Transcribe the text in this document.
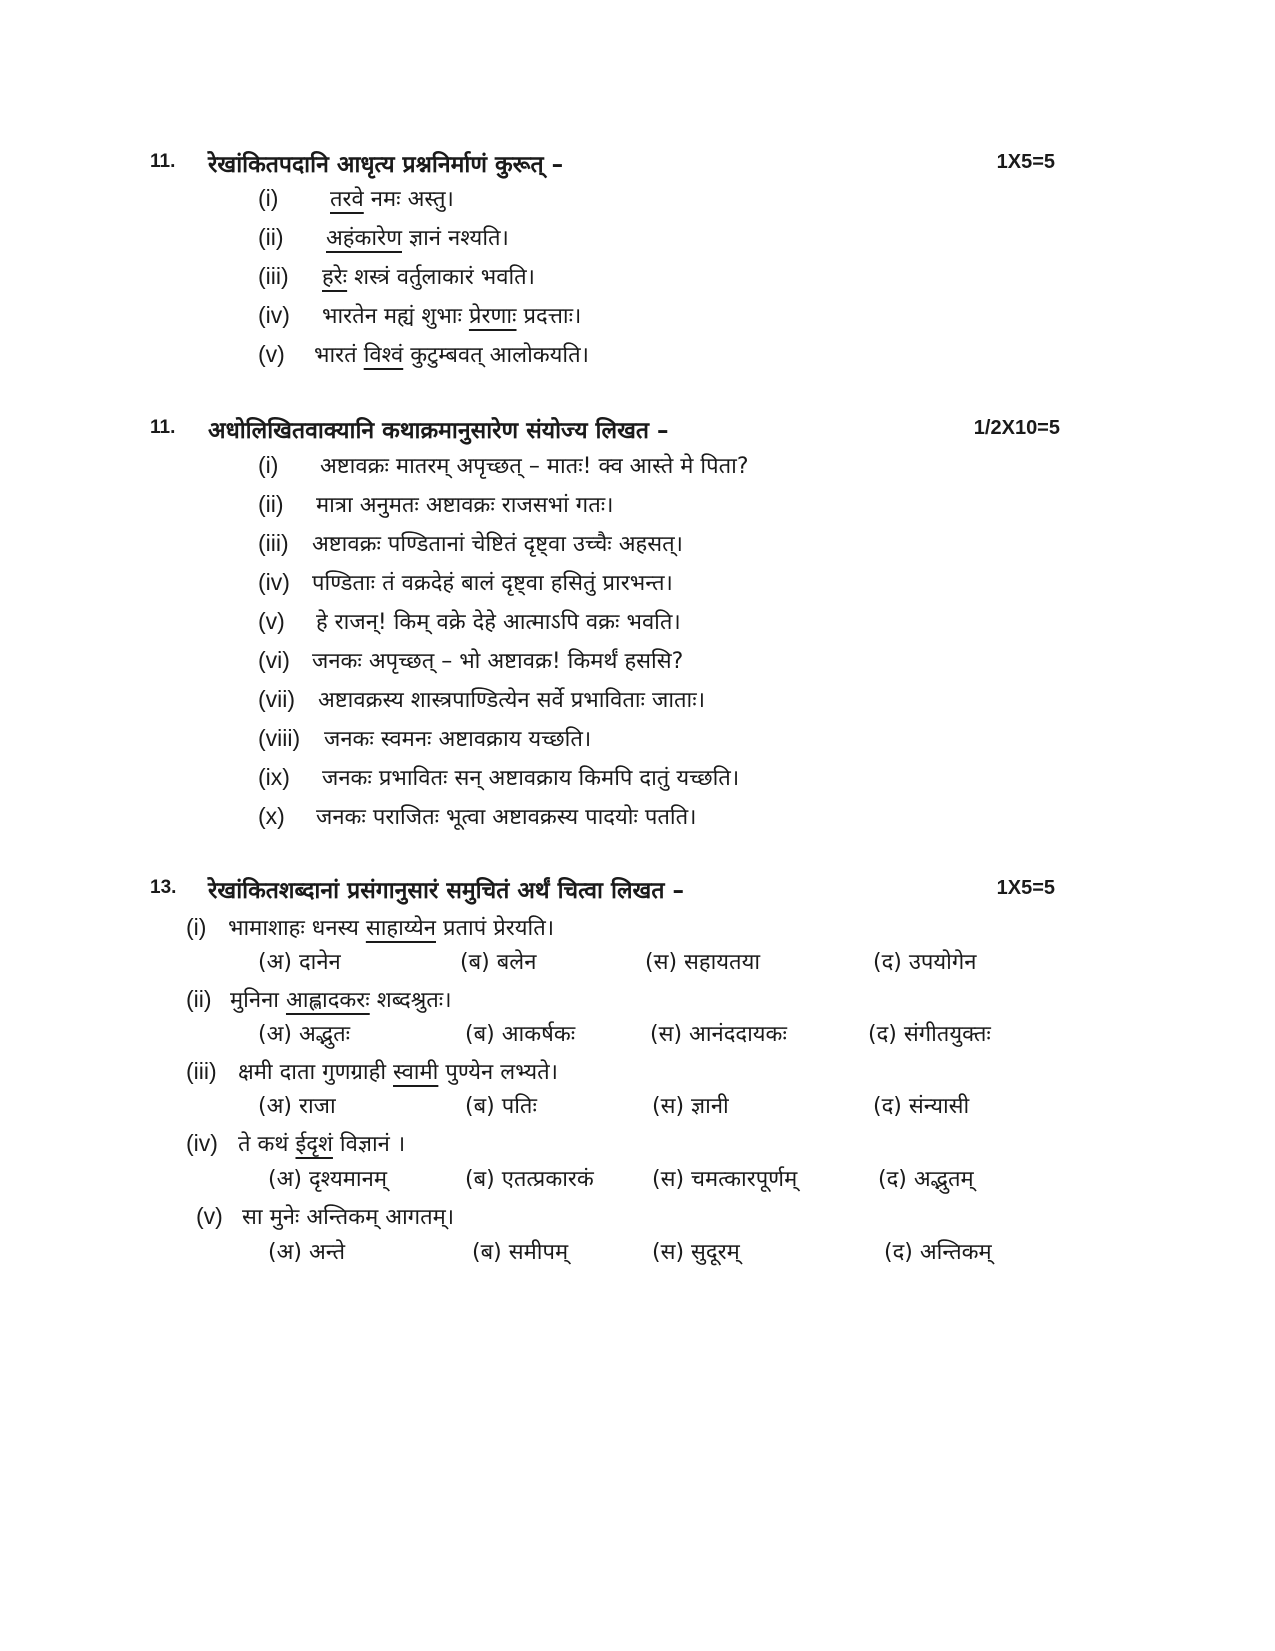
11. रेखांकितपदानि आधृत्य प्रश्ननिर्माणं कुरूत् –	1X5=5
(i) तरवे नमः अस्तु।
(ii) अहंकारेण ज्ञानं नश्यति।
(iii) हरेः शस्त्रं वर्तुलाकारं भवति।
(iv) भारतेन मह्यं शुभाः प्रेरणाः प्रदत्ताः।
(v) भारतं विश्वं कुटुम्बवत् आलोकयति।
11. अधोलिखितवाक्यानि कथाक्रमानुसारेण संयोज्य लिखत –	1/2X10=5
(i) अष्टावक्रः मातरम् अपृच्छत् – मातः! क्व आस्ते मे पिता?
(ii) मात्रा अनुमतः अष्टावक्रः राजसभां गतः।
(iii) अष्टावक्रः पण्डितानां चेष्टितं दृष्ट्वा उच्चैः अहसत्।
(iv) पण्डिताः तं वक्रदेहं बालं दृष्ट्वा हसितुं प्रारभन्त।
(v) हे राजन्! किम् वक्रे देहे आत्माऽपि वक्रः भवति।
(vi) जनकः अपृच्छत् – भो अष्टावक्र! किमर्थं हससि?
(vii) अष्टावक्रस्य शास्त्रपाण्डित्येन सर्वे प्रभाविताः जाताः।
(viii) जनकः स्वमनः अष्टावक्राय यच्छति।
(ix) जनकः प्रभावितः सन् अष्टावक्राय किमपि दातुं यच्छति।
(x) जनकः पराजितः भूत्वा अष्टावक्रस्य पादयोः पतति।
13. रेखांकितशब्दानां प्रसंगानुसारं समुचितं अर्थं चित्वा लिखत –	1X5=5
(i) भामाशाहः धनस्य साहाय्येन प्रतापं प्रेरयति।
(अ) दानेन	(ब) बलेन	(स) सहायतया	(द) उपयोगेन
(ii) मुनिना आह्लादकरः शब्दश्रुतः।
(अ) अद्भुतः	(ब) आकर्षकः	(स) आनंददायकः	(द) संगीतयुक्तः
(iii) क्षमी दाता गुणग्राही स्वामी पुण्येन लभ्यते।
(अ) राजा	(ब) पतिः	(स) ज्ञानी	(द) संन्यासी
(iv) ते कथं ईदृशं विज्ञानं ।
(अ) दृश्यमानम्	(ब) एतत्प्रकारकं	(स) चमत्कारपूर्णम्	(द) अद्भुतम्
(v) सा मुनेः अन्तिकम् आगतम्।
(अ) अन्ते	(ब) समीपम्	(स) सुदूरम्	(द) अन्तिकम्
